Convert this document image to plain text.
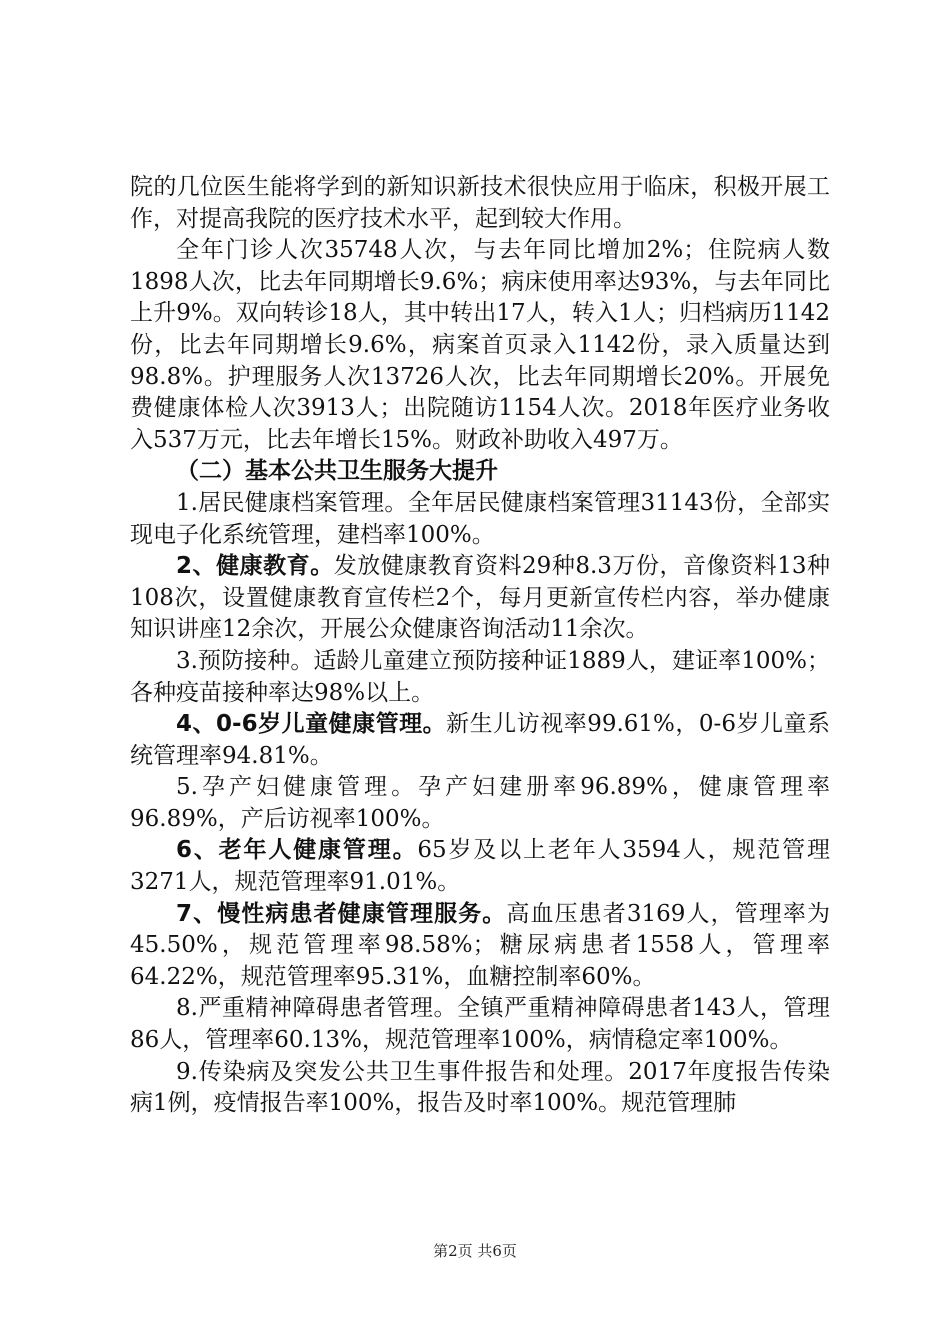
院的几位医生能将学到的新知识新技术很快应用于临床，积极开展工作，对提高我院的医疗技术水平，起到较大作用。

全年门诊人次35748人次，与去年同比增加2%；住院病人数1898人次，比去年同期增长9.6%；病床使用率达93%，与去年同比上升9%。双向转诊18人，其中转出17人，转入1人；归档病历1142份，比去年同期增长9.6%，病案首页录入1142份，录入质量达到98.8%。护理服务人次13726人次，比去年同期增长20%。开展免费健康体检人次3913人；出院随访1154人次。2018年医疗业务收入537万元，比去年增长15%。财政补助收入497万。

（二）基本公共卫生服务大提升

1.居民健康档案管理。全年居民健康档案管理31143份，全部实现电子化系统管理，建档率100%。

2、健康教育。发放健康教育资料29种8.3万份，音像资料13种108次，设置健康教育宣传栏2个，每月更新宣传栏内容，举办健康知识讲座12余次，开展公众健康咨询活动11余次。

3.预防接种。适龄儿童建立预防接种证1889人，建证率100%；各种疫苗接种率达98%以上。

4、0-6岁儿童健康管理。新生儿访视率99.61%，0-6岁儿童系统管理率94.81%。

5.孕产妇健康管理。孕产妇建册率96.89%，健康管理率96.89%，产后访视率100%。

6、老年人健康管理。65岁及以上老年人3594人，规范管理3271人，规范管理率91.01%。

7、慢性病患者健康管理服务。高血压患者3169人，管理率为45.50%，规范管理率98.58%；糖尿病患者1558人，管理率64.22%，规范管理率95.31%，血糖控制率60%。

8.严重精神障碍患者管理。全镇严重精神障碍患者143人，管理86人，管理率60.13%，规范管理率100%，病情稳定率100%。

9.传染病及突发公共卫生事件报告和处理。2017年度报告传染病1例，疫情报告率100%，报告及时率100%。规范管理肺

第2页 共6页
